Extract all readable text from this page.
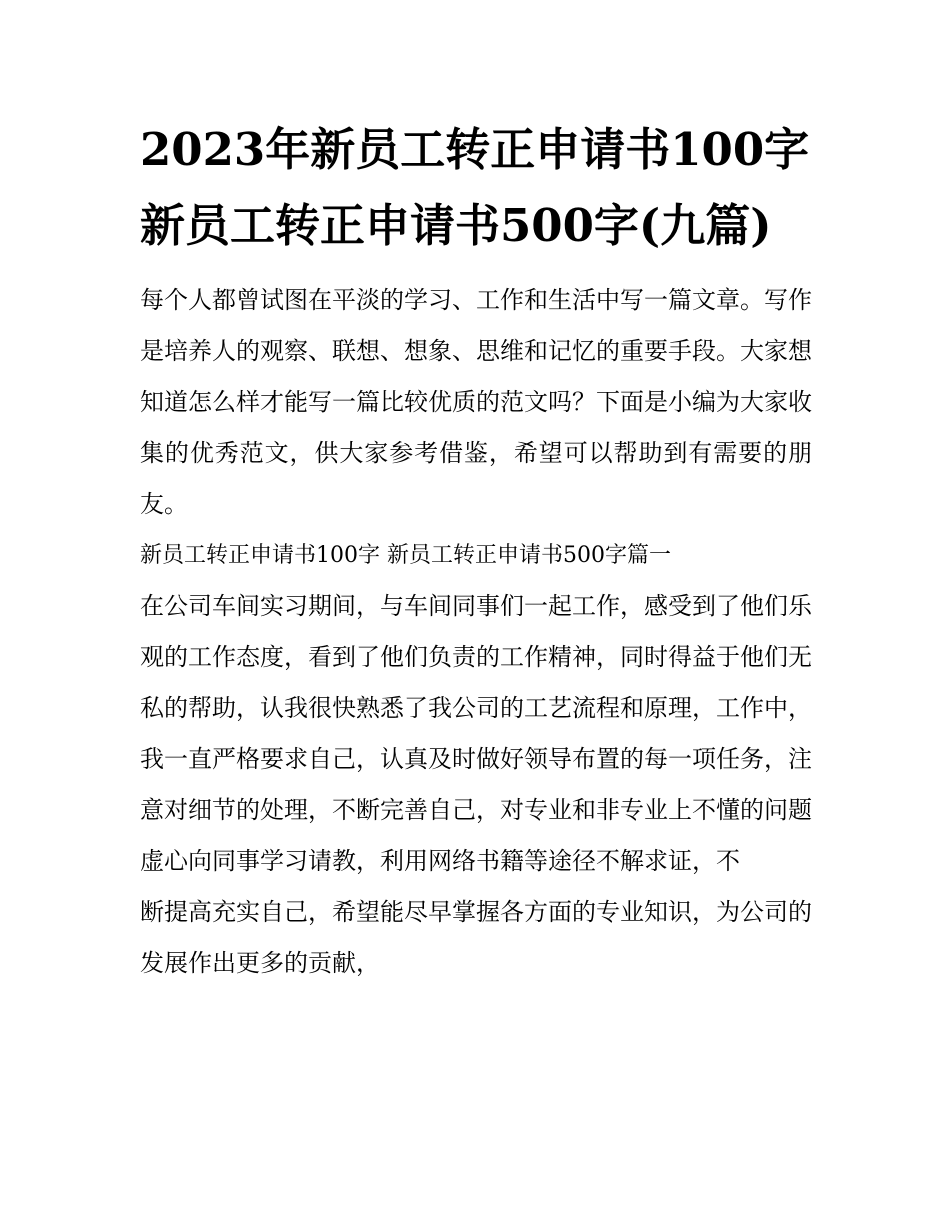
2023年新员工转正申请书100字 新员工转正申请书500字(九篇)

每个人都曾试图在平淡的学习、工作和生活中写一篇文章。写作是培养人的观察、联想、想象、思维和记忆的重要手段。大家想知道怎么样才能写一篇比较优质的范文吗？下面是小编为大家收集的优秀范文，供大家参考借鉴，希望可以帮助到有需要的朋友。

新员工转正申请书100字 新员工转正申请书500字篇一

在公司车间实习期间，与车间同事们一起工作，感受到了他们乐观的工作态度，看到了他们负责的工作精神，同时得益于他们无私的帮助，认我很快熟悉了我公司的工艺流程和原理，工作中，我一直严格要求自己，认真及时做好领导布置的每一项任务，注意对细节的处理，不断完善自己，对专业和非专业上不懂的问题虚心向同事学习请教，利用网络书籍等途径不解求证，不

断提高充实自己，希望能尽早掌握各方面的专业知识，为公司的发展作出更多的贡献，
